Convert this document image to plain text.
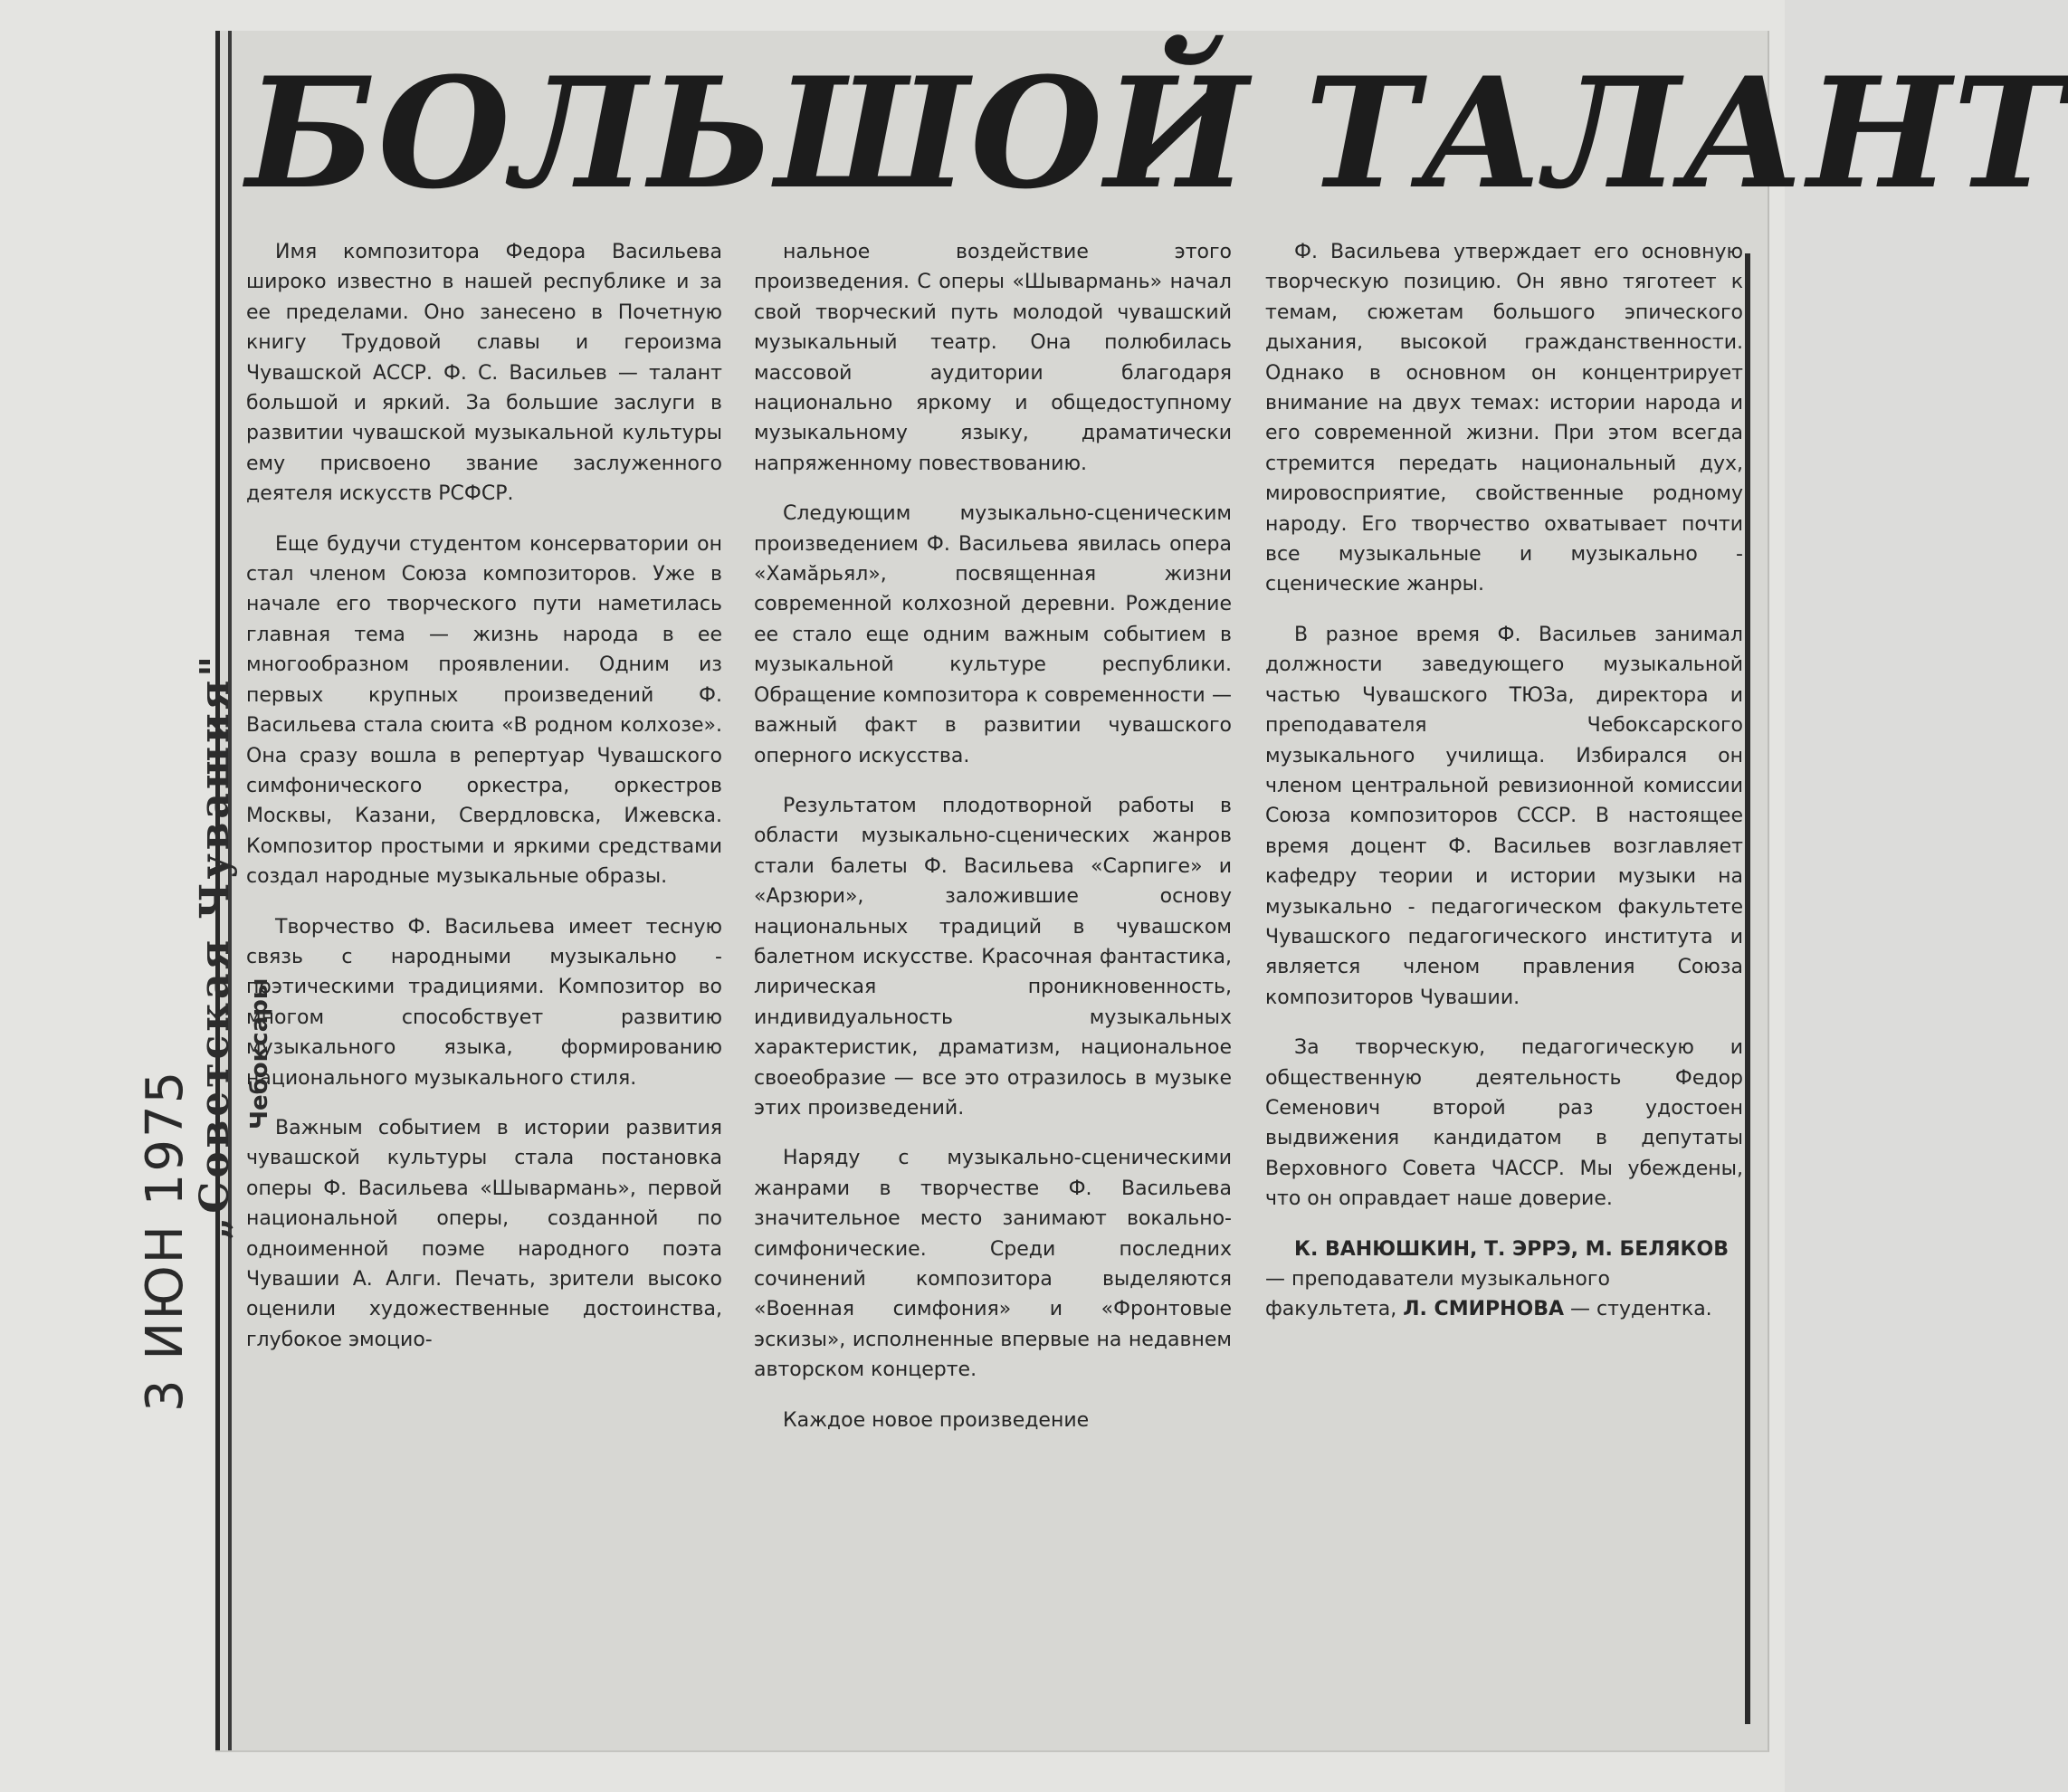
БОЛЬШОЙ ТАЛАНТ

Имя композитора Федора Васильева широко известно в нашей республике и за ее пределами. Оно занесено в Почетную книгу Трудовой славы и героизма Чувашской АССР. Ф. С. Васильев — талант большой и яркий. За большие заслуги в развитии чувашской музыкальной культуры ему присвоено звание заслуженного деятеля искусств РСФСР.

Еще будучи студентом консерватории он стал членом Союза композиторов. Уже в начале его творческого пути наметилась главная тема — жизнь народа в ее многообразном проявлении. Одним из первых крупных произведений Ф. Васильева стала сюита «В родном колхозе». Она сразу вошла в репертуар Чувашского симфонического оркестра, оркестров Москвы, Казани, Свердловска, Ижевска. Композитор простыми и яркими средствами создал народные музыкальные образы.

Творчество Ф. Васильева имеет тесную связь с народными музыкально - поэтическими традициями. Композитор во многом способствует развитию музыкального языка, формированию национального музыкального стиля.

Важным событием в истории развития чувашской культуры стала постановка оперы Ф. Васильева «Шывармань», первой национальной оперы, созданной по одноименной поэме народного поэта Чувашии А. Алги. Печать, зрители высоко оценили художественные достоинства, глубокое эмоцио-

нальное воздействие этого произведения. С оперы «Шывармань» начал свой творческий путь молодой чувашский музыкальный театр. Она полюбилась массовой аудитории благодаря национально яркому и общедоступному музыкальному языку, драматически напряженному повествованию.

Следующим музыкально-сценическим произведением Ф. Васильева явилась опера «Хамăрьял», посвященная жизни современной колхозной деревни. Рождение ее стало еще одним важным событием в музыкальной культуре республики. Обращение композитора к современности — важный факт в развитии чувашского оперного искусства.

Результатом плодотворной работы в области музыкально-сценических жанров стали балеты Ф. Васильева «Сарпиге» и «Арзюри», заложившие основу национальных традиций в чувашском балетном искусстве. Красочная фантастика, лирическая проникновенность, индивидуальность музыкальных характеристик, драматизм, национальное своеобразие — все это отразилось в музыке этих произведений.

Наряду с музыкально-сценическими жанрами в творчестве Ф. Васильева значительное место занимают вокально-симфонические. Среди последних сочинений композитора выделяются «Военная симфония» и «Фронтовые эскизы», исполненные впервые на недавнем авторском концерте.

Каждое новое произведение

Ф. Васильева утверждает его основную творческую позицию. Он явно тяготеет к темам, сюжетам большого эпического дыхания, высокой гражданственности. Однако в основном он концентрирует внимание на двух темах: истории народа и его современной жизни. При этом всегда стремится передать национальный дух, мировосприятие, свойственные родному народу. Его творчество охватывает почти все музыкальные и музыкально - сценические жанры.

В разное время Ф. Васильев занимал должности заведующего музыкальной частью Чувашского ТЮЗа, директора и преподавателя Чебоксарского музыкального училища. Избирался он членом центральной ревизионной комиссии Союза композиторов СССР. В настоящее время доцент Ф. Васильев возглавляет кафедру теории и истории музыки на музыкально - педагогическом факультете Чувашского педагогического института и является членом правления Союза композиторов Чувашии.

За творческую, педагогическую и общественную деятельность Федор Семенович второй раз удостоен выдвижения кандидатом в депутаты Верховного Совета ЧАССР. Мы убеждены, что он оправдает наше доверие.

К. ВАНЮШКИН, Т. ЭРРЭ, М. БЕЛЯКОВ — преподаватели музыкального факультета, Л. СМИРНОВА — студентка.

3 ИЮН 1975
„Советская Чувашия" Чебоксары
